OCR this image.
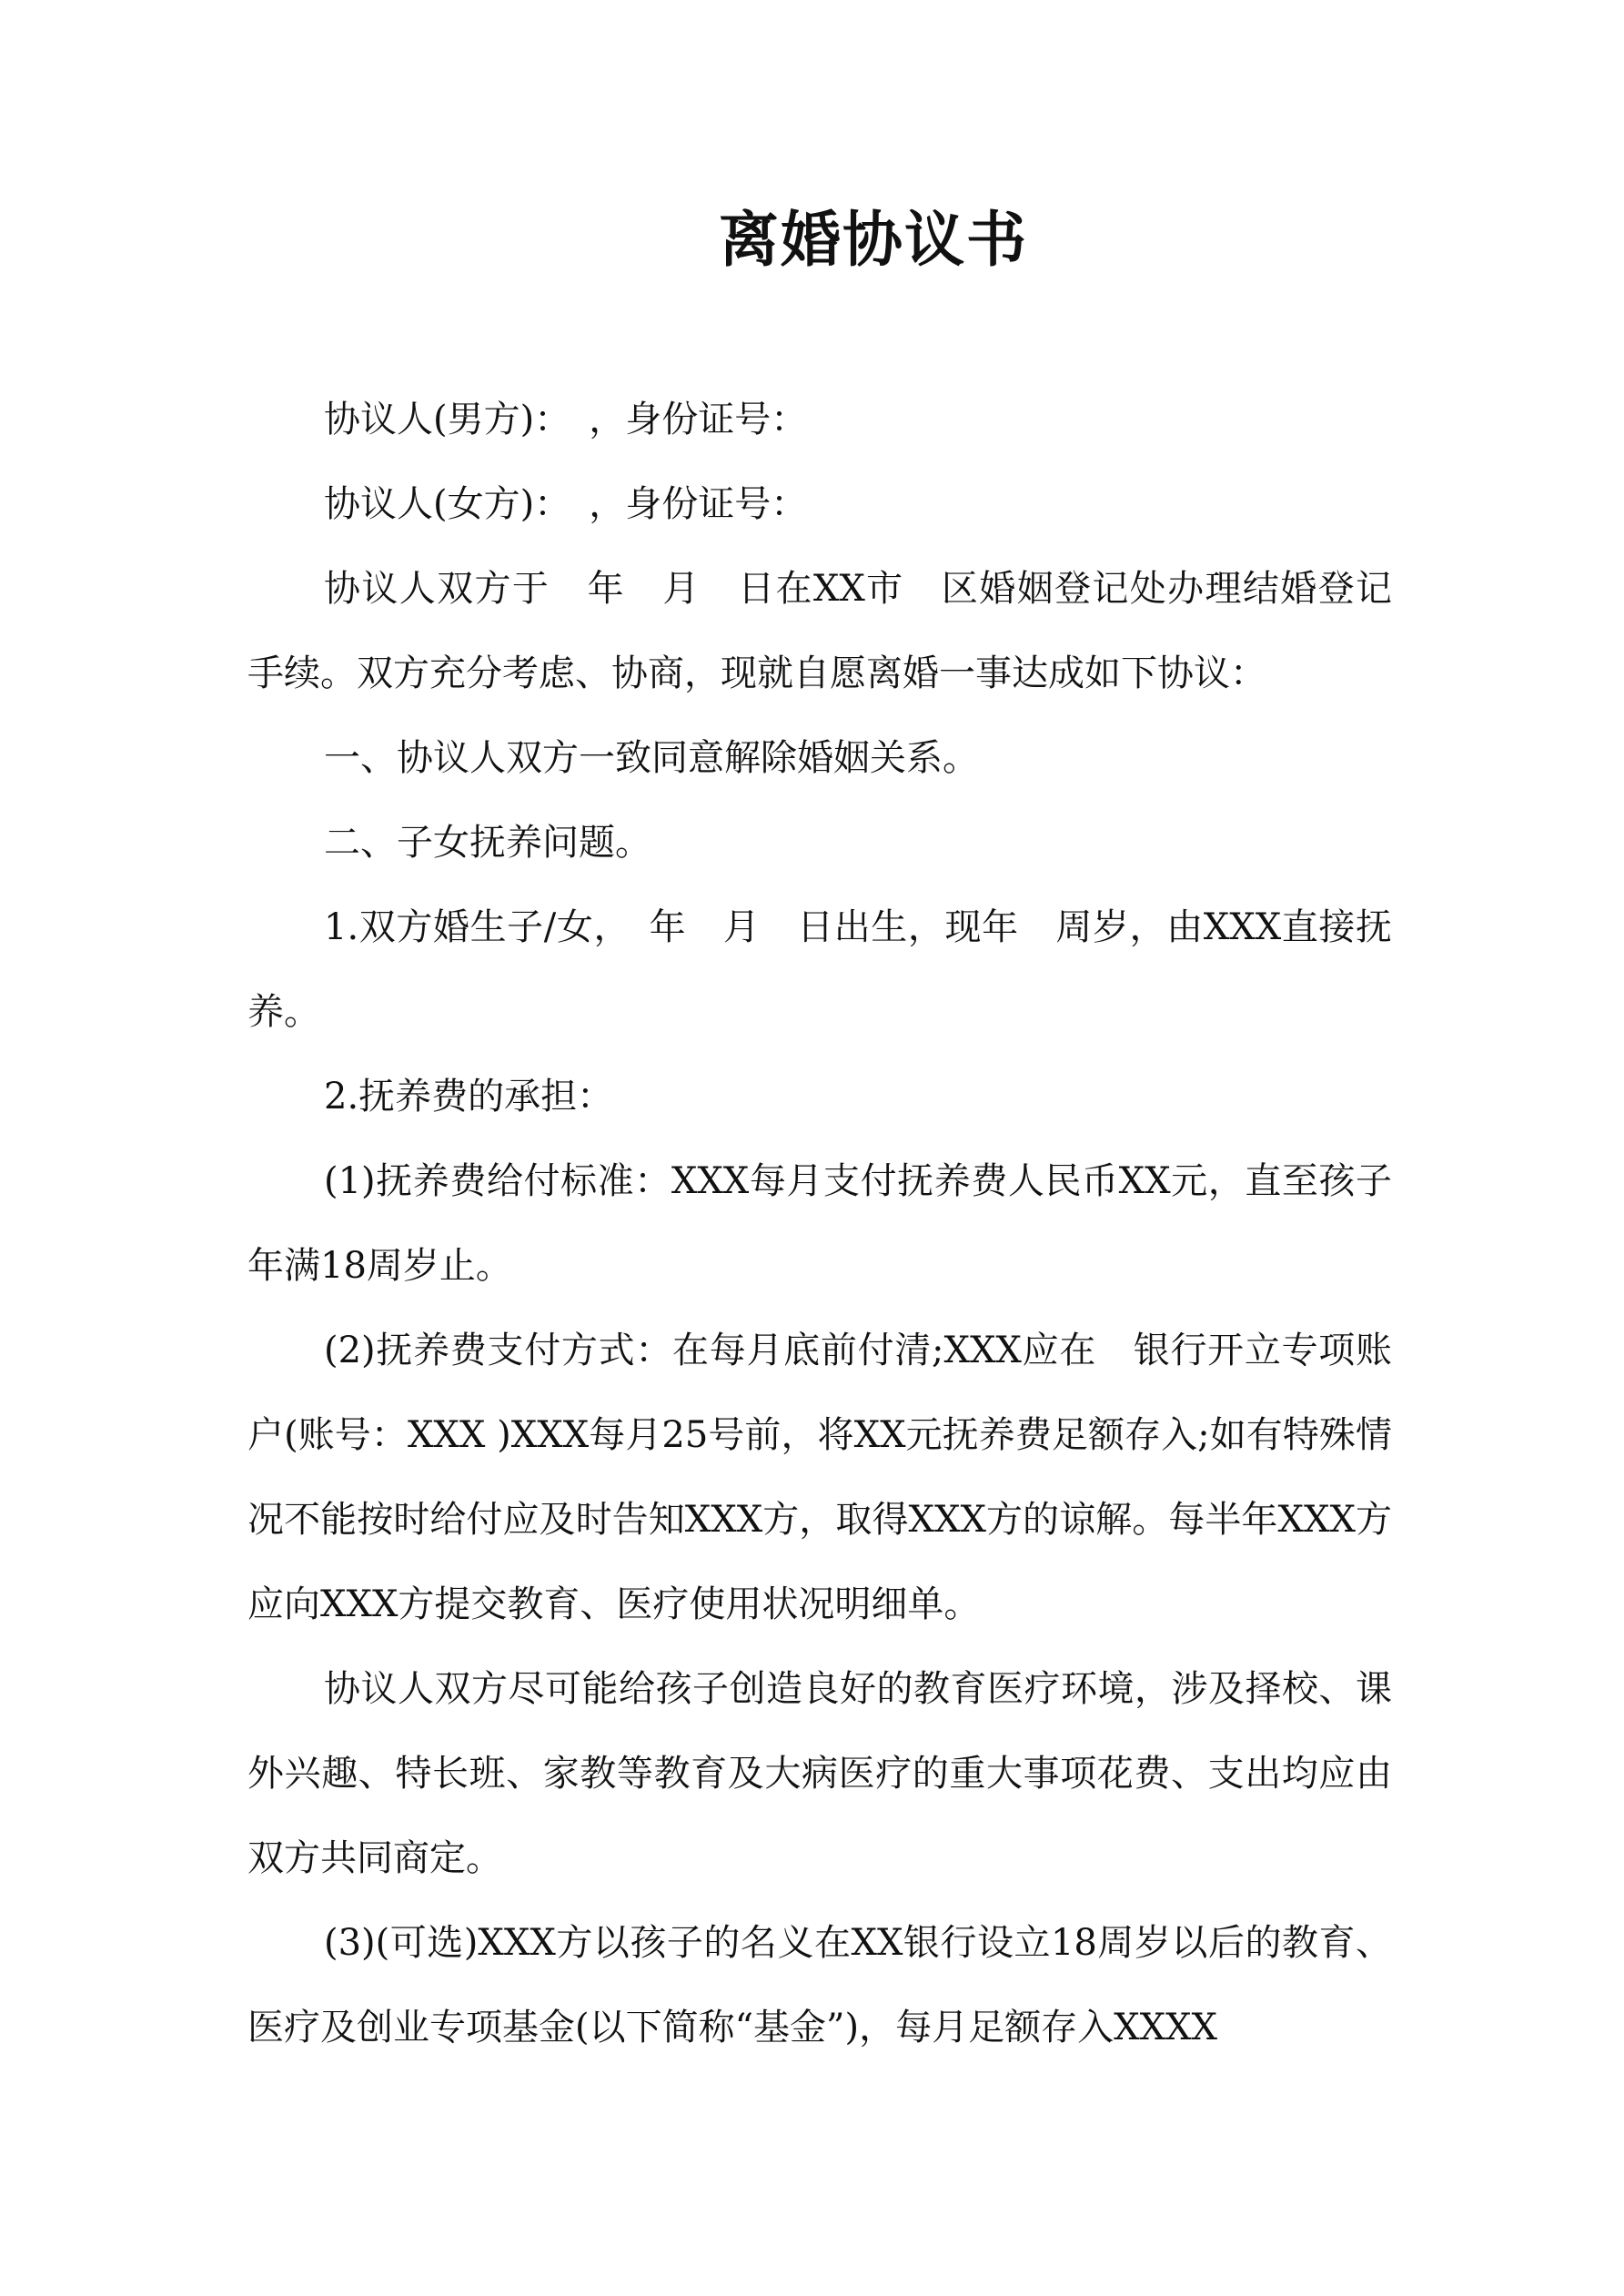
离婚协议书

协议人(男方)：　，身份证号：

协议人(女方)：　，身份证号：

协议人双方于　年　月　日在XX市　区婚姻登记处办理结婚登记手续。双方充分考虑、协商，现就自愿离婚一事达成如下协议：

一、协议人双方一致同意解除婚姻关系。

二、子女抚养问题。

1.双方婚生子/女，　年　月　日出生，现年　周岁，由XXX直接抚养。

2.抚养费的承担：

(1)抚养费给付标准：XXX每月支付抚养费人民币XX元，直至孩子年满18周岁止。

(2)抚养费支付方式：在每月底前付清;XXX应在　银行开立专项账户(账号：XXX )XXX每月25号前，将XX元抚养费足额存入;如有特殊情况不能按时给付应及时告知XXX方，取得XXX方的谅解。每半年XXX方应向XXX方提交教育、医疗使用状况明细单。

协议人双方尽可能给孩子创造良好的教育医疗环境，涉及择校、课外兴趣、特长班、家教等教育及大病医疗的重大事项花费、支出均应由双方共同商定。

(3)(可选)XXX方以孩子的名义在XX银行设立18周岁以后的教育、医疗及创业专项基金(以下简称“基金”)，每月足额存入XXXX
